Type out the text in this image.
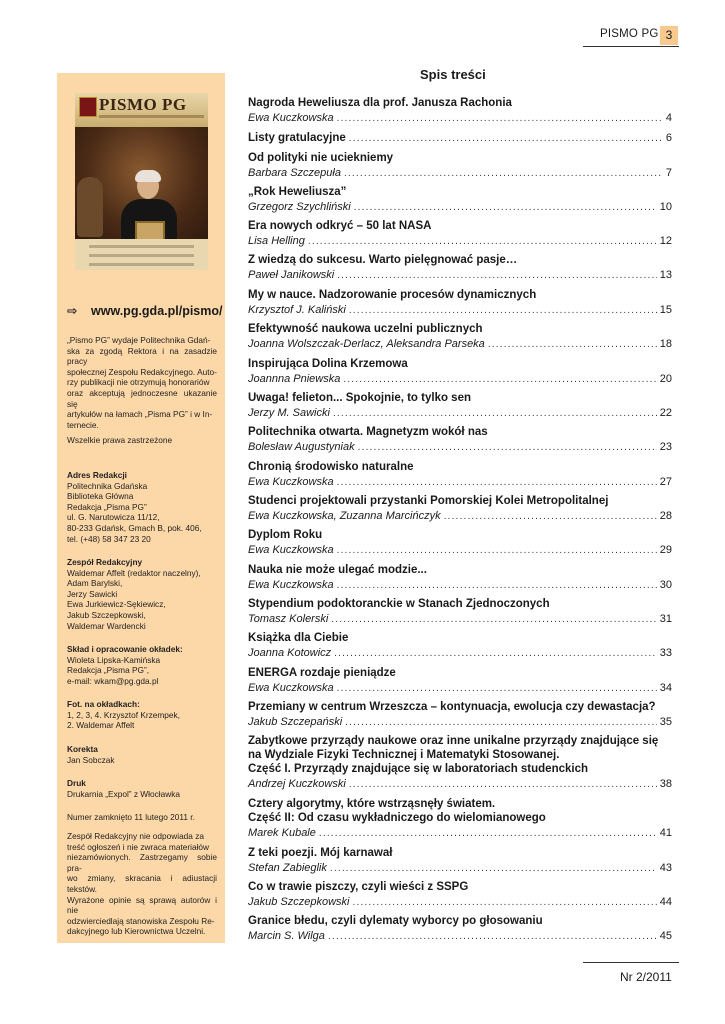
PISMO PG 3
PISMO PG
⇨ www.pg.gda.pl/pismo/
„Pismo PG” wydaje Politechnika Gdań-
ska za zgodą Rektora i na zasadzie pracy
społecznej Zespołu Redakcyjnego. Auto-
rzy publikacji nie otrzymują honorariów
oraz akceptują jednoczesne ukazanie się
artykułów na łamach „Pisma PG” i w In-
ternecie.
Wszelkie prawa zastrzeżone
Adres Redakcji
Politechnika Gdańska
Biblioteka Główna
Redakcja „Pisma PG”
ul. G. Narutowicza 11/12,
80-233 Gdańsk, Gmach B, pok. 406,
tel. (+48) 58 347 23 20
Zespół Redakcyjny
Waldemar Affelt (redaktor naczelny),
Adam Barylski,
Jerzy Sawicki
Ewa Jurkiewicz-Sękiewicz,
Jakub Szczepkowski,
Waldemar Wardencki
Skład i opracowanie okładek:
Wioleta Lipska-Kamińska
Redakcja „Pisma PG”,
e-mail: wkam@pg.gda.pl
Fot. na okładkach:
1, 2, 3, 4. Krzysztof Krzempek,
2. Waldemar Affelt
Korekta
Jan Sobczak
Druk
Drukarnia „Expol” z Włocławka
Numer zamknięto 11 lutego 2011 r.
Zespół Redakcyjny nie odpowiada za
treść ogłoszeń i nie zwraca materiałów
niezamówionych. Zastrzegamy sobie pra-
wo zmiany, skracania i adiustacji tekstów.
Wyrażone opinie są sprawą autorów i nie
odzwierciedlają stanowiska Zespołu Re-
dakcyjnego lub Kierownictwa Uczelni.
Spis treści
Nagroda Heweliusza dla prof. Janusza Rachonia
Ewa Kuczkowska .....	4
Listy gratulacyjne .....	6
Od polityki nie uciekniemy
Barbara Szczepuła .....	7
„Rok Heweliusza”
Grzegorz Szychliński .....	10
Era nowych odkryć – 50 lat NASA
Lisa Helling .....	12
Z wiedzą do sukcesu. Warto pielęgnować pasje…
Paweł Janikowski .....	13
My w nauce. Nadzorowanie procesów dynamicznych
Krzysztof J. Kaliński .....	15
Efektywność naukowa uczelni publicznych
Joanna Wolszczak-Derlacz, Aleksandra Parseka .....	18
Inspirująca Dolina Krzemowa
Joannna Pniewska .....	20
Uwaga! felieton... Spokojnie, to tylko sen
Jerzy M. Sawicki .....	22
Politechnika otwarta. Magnetyzm wokół nas
Bolesław Augustyniak .....	23
Chronią środowisko naturalne
Ewa Kuczkowska .....	27
Studenci projektowali przystanki Pomorskiej Kolei Metropolitalnej
Ewa Kuczkowska, Zuzanna Marcińczyk .....	28
Dyplom Roku
Ewa Kuczkowska .....	29
Nauka nie może ulegać modzie...
Ewa Kuczkowska .....	30
Stypendium podoktoranckie w Stanach Zjednoczonych
Tomasz Kolerski .....	31
Książka dla Ciebie
Joanna Kotowicz .....	33
ENERGA rozdaje pieniądze
Ewa Kuczkowska .....	34
Przemiany w centrum Wrzeszcza – kontynuacja, ewolucja czy dewastacja?
Jakub Szczepański .....	35
Zabytkowe przyrządy naukowe oraz inne unikalne przyrządy znajdujące się
na Wydziale Fizyki Technicznej i Matematyki Stosowanej.
Część I. Przyrządy znajdujące się w laboratoriach studenckich
Andrzej Kuczkowski .....	38
Cztery algorytmy, które wstrząsnęły światem.
Część II: Od czasu wykładniczego do wielomianowego
Marek Kubale .....	41
Z teki poezji. Mój karnawał
Stefan Zabieglik .....	43
Co w trawie piszczy, czyli wieści z SSPG
Jakub Szczepkowski .....	44
Granice błedu, czyli dylematy wyborcy po głosowaniu
Marcin S. Wilga .....	45
Nr 2/2011
